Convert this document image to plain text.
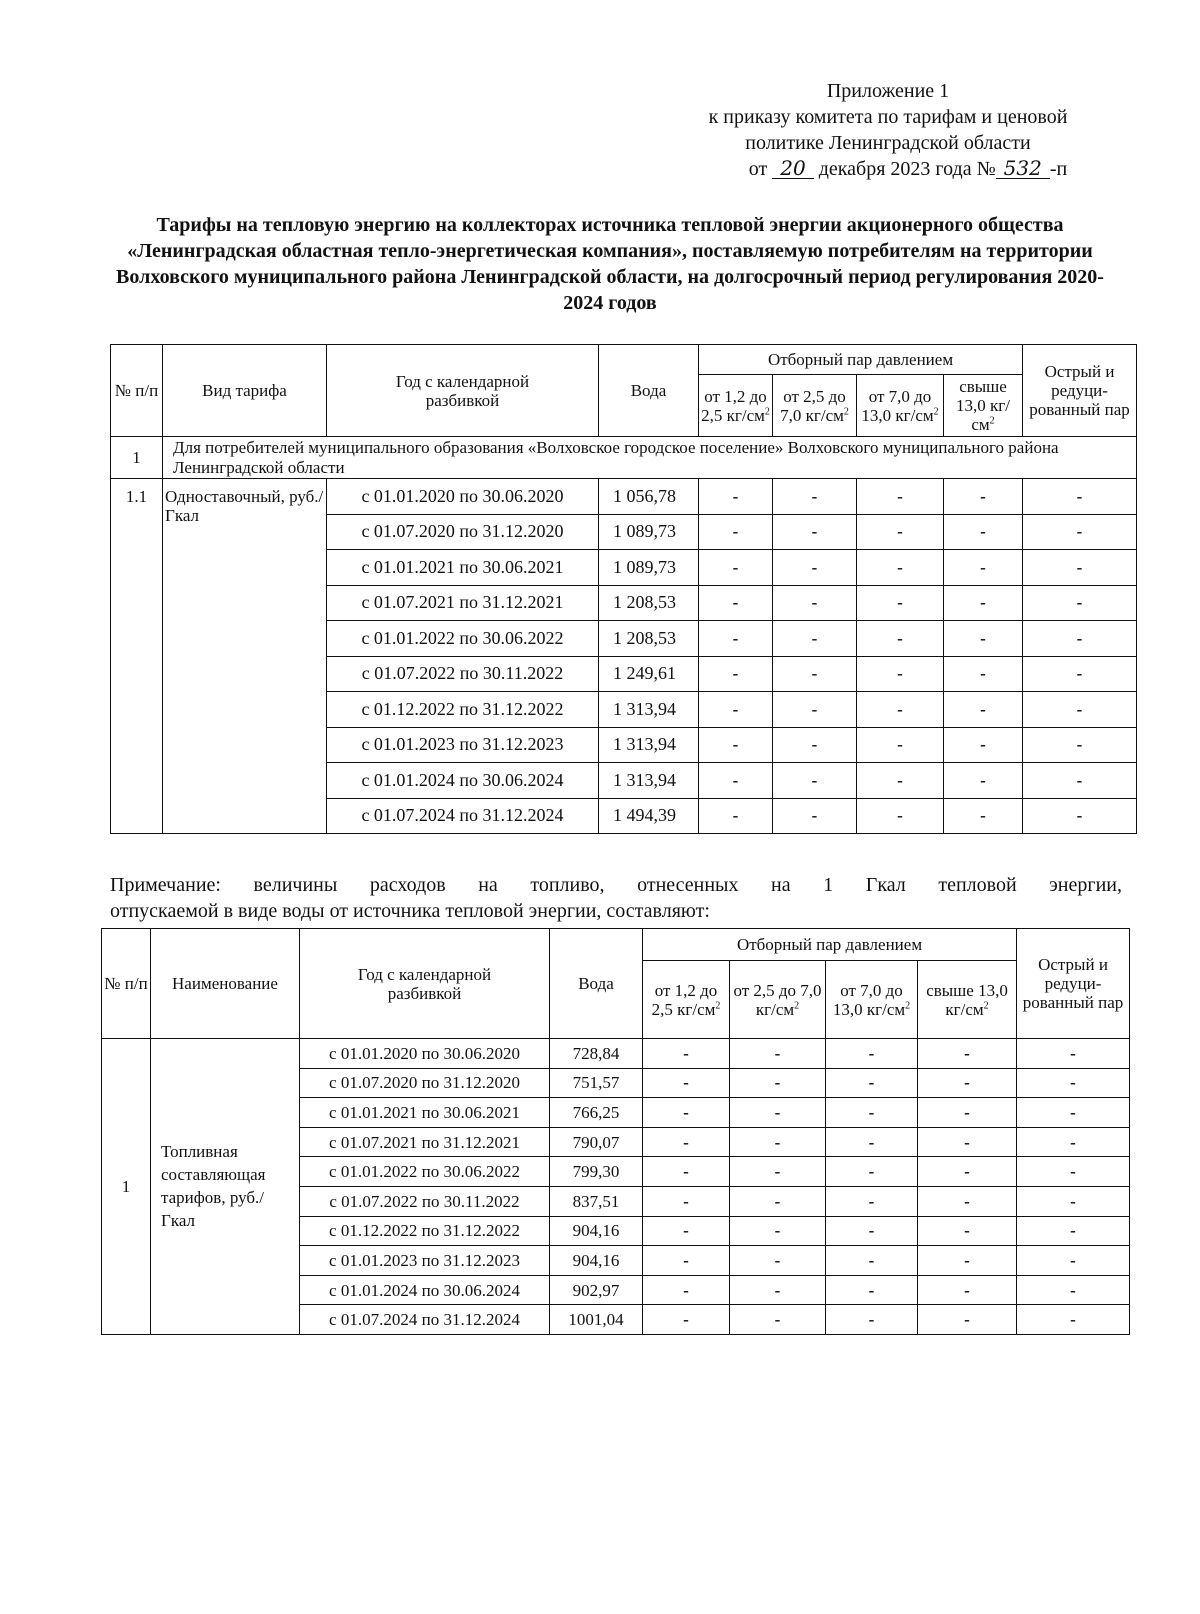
Приложение 1
к приказу комитета по тарифам и ценовой
политике Ленинградской области
от 20 декабря 2023 года № 532 -п
Тарифы на тепловую энергию на коллекторах источника тепловой энергии акционерного общества «Ленинградская областная тепло-энергетическая компания», поставляемую потребителям на территории Волховского муниципального района Ленинградской области, на долгосрочный период регулирования 2020-2024 годов
№ п/п	Вид тарифа	Год с календарной разбивкой	Вода	Отборный пар давлением				Острый и редуци-рованный пар
				от 1,2 до 2,5 $кг/см^2$	от 2,5 до 7,0 $кг/см^2$	от 7,0 до 13,0 $кг/см^2$	свыше 13,0 $кг/см^2$
1	Для потребителей муниципального образования «Волховское городское поселение» Волховского муниципального района Ленинградской области							
1.1	Одноставочный, руб./Гкал	с 01.01.2020 по 30.06.2020	1 056,78	-	-	-	-	-
		с 01.07.2020 по 31.12.2020	1 089,73	-	-	-	-	-
		с 01.01.2021 по 30.06.2021	1 089,73	-	-	-	-	-
		с 01.07.2021 по 31.12.2021	1 208,53	-	-	-	-	-
		с 01.01.2022 по 30.06.2022	1 208,53	-	-	-	-	-
		с 01.07.2022 по 30.11.2022	1 249,61	-	-	-	-	-
		с 01.12.2022 по 31.12.2022	1 313,94	-	-	-	-	-
		с 01.01.2023 по 31.12.2023	1 313,94	-	-	-	-	-
		с 01.01.2024 по 30.06.2024	1 313,94	-	-	-	-	-
		с 01.07.2024 по 31.12.2024	1 494,39	-	-	-	-	-
Примечание: величины расходов на топливо, отнесенных на 1 Гкал тепловой энергии,
отпускаемой в виде воды от источника тепловой энергии, составляют:
№ п/п	Наименование	Год с календарной разбивкой	Вода	Отборный пар давлением				Острый и редуци-рованный пар
				от 1,2 до 2,5 $кг/см^2$	от 2,5 до 7,0 $кг/см^2$	от 7,0 до 13,0 $кг/см^2$	свыше 13,0 $кг/см^2$
1	Топливная составляющая тарифов, руб./Гкал	с 01.01.2020 по 30.06.2020	728,84	-	-	-	-	-
		с 01.07.2020 по 31.12.2020	751,57	-	-	-	-	-
		с 01.01.2021 по 30.06.2021	766,25	-	-	-	-	-
		с 01.07.2021 по 31.12.2021	790,07	-	-	-	-	-
		с 01.01.2022 по 30.06.2022	799,30	-	-	-	-	-
		с 01.07.2022 по 30.11.2022	837,51	-	-	-	-	-
		с 01.12.2022 по 31.12.2022	904,16	-	-	-	-	-
		с 01.01.2023 по 31.12.2023	904,16	-	-	-	-	-
		с 01.01.2024 по 30.06.2024	902,97	-	-	-	-	-
		с 01.07.2024 по 31.12.2024	1001,04	-	-	-	-	-
